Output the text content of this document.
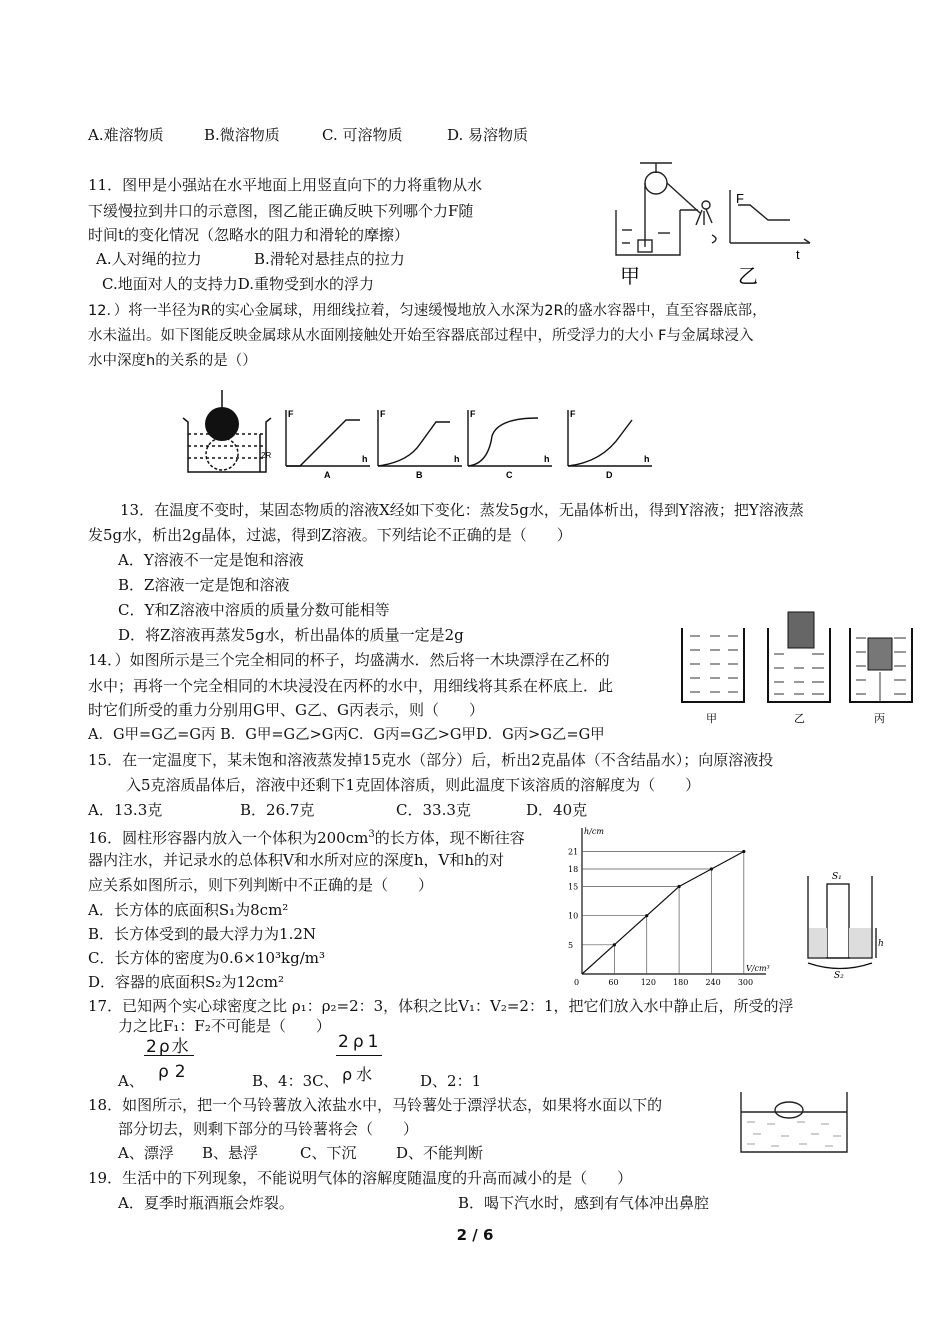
A.难溶物质	B.微溶物质	C. 可溶物质	D. 易溶物质
11．图甲是小强站在水平地面上用竖直向下的力将重物从水
下缓慢拉到井口的示意图，图乙能正确反映下列哪个力F随
时间t的变化情况（忽略水的阻力和滑轮的摩擦）
A.人对绳的拉力	B.滑轮对悬挂点的拉力
C.地面对人的支持力D.重物受到水的浮力
F
t
甲	乙
12．）将一半径为R的实心金属球，用细线拉着，匀速缓慢地放入水深为2R的盛水容器中，直至容器底部，
水未溢出。如下图能反映金属球从水面刚接触处开始至容器底部过程中，所受浮力的大小 F与金属球浸入
水中深度h的关系的是（）
2R
F
h
A
F
h
B
F
h
C
F
h
D
13．在温度不变时，某固态物质的溶液X经如下变化：蒸发5g水，无晶体析出，得到Y溶液；把Y溶液蒸
发5g水，析出2g晶体，过滤，得到Z溶液。下列结论不正确的是（　　）
A．Y溶液不一定是饱和溶液
B．Z溶液一定是饱和溶液
C．Y和Z溶液中溶质的质量分数可能相等
D．将Z溶液再蒸发5g水，析出晶体的质量一定是2g
甲	乙	丙
14．）如图所示是三个完全相同的杯子，均盛满水．然后将一木块漂浮在乙杯的
水中；再将一个完全相同的木块浸没在丙杯的水中，用细线将其系在杯底上．此
时它们所受的重力分别用G甲、G乙、G丙表示，则（　　）
A．G甲=G乙=G丙 B．G甲=G乙>G丙C．G丙=G乙>G甲D．G丙>G乙=G甲
15．在一定温度下，某未饱和溶液蒸发掉15克水（部分）后，析出2克晶体（不含结晶水）；向原溶液投
入5克溶质晶体后，溶液中还剩下1克固体溶质，则此温度下该溶质的溶解度为（　　）
A．13.3克	B．26.7克	C．33.3克	D．40克
16．圆柱形容器内放入一个体积为$200cm^3$的长方体，现不断往容
器内注水，并记录水的总体积V和水所对应的深度h，V和h的对
应关系如图所示，则下列判断中不正确的是（　　）
A．长方体的底面积S₁为8cm²
B．长方体受到的最大浮力为1.2N
C．长方体的密度为0.6×10³kg/m³
D．容器的底面积S₂为12cm²
h/cm
V/cm³
0	60	120 180 240 300
5
10
15
18
21
S₁
S₂
h
17．已知两个实心球密度之比 ρ₁：ρ₂=2：3，体积之比V₁：V₂=2：1，把它们放入水中静止后，所受的浮
力之比F₁：F₂不可能是（　　）
2ρ水
ρ2
2ρ1
ρ水
A、	B、4：3C、	D、2：1
18．如图所示，把一个马铃薯放入浓盐水中，马铃薯处于漂浮状态，如果将水面以下的
部分切去，则剩下部分的马铃薯将会（　　）
A、漂浮 B、悬浮	C、下沉	D、不能判断
19．生活中的下列现象，不能说明气体的溶解度随温度的升高而减小的是（　　）
A．夏季时瓶酒瓶会炸裂。	B．喝下汽水时，感到有气体冲出鼻腔
2 / 6
